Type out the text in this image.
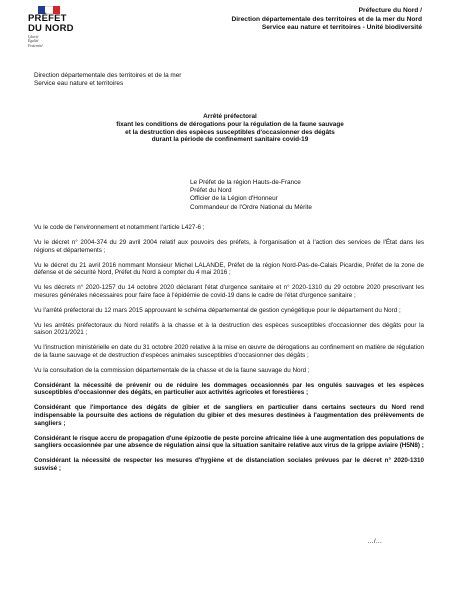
PRÉFET
DU NORD
Liberté
Égalité
Fraternité
Préfecture du Nord /
Direction départementale des territoires et de la mer du Nord
Service eau nature et territoires - Unité biodiversité
Direction départementale des territoires et de la mer
Service eau nature et territoires
Arrêté préfectoral
fixant les conditions de dérogations pour la régulation de la faune sauvage
et la destruction des espèces susceptibles d'occasionner des dégâts
durant la période de confinement sanitaire covid-19
Le Préfet de la région Hauts-de-France
Préfet du Nord
Officier de la Légion d'Honneur
Commandeur de l'Ordre National du Mérite

Vu le code de l'environnement et notamment l'article L427-6 ;

Vu le décret n° 2004-374 du 29 avril 2004 relatif aux pouvoirs des préfets, à l'organisation et à l'action des services de l'État dans les régions et départements ;

Vu le décret du 21 avril 2016 nommant Monsieur Michel LALANDE, Préfet de la région Nord-Pas-de-Calais Picardie, Préfet de la zone de défense et de sécurité Nord, Préfet du Nord à compter du 4 mai 2016 ;

Vu les décrets n° 2020-1257 du 14 octobre 2020 déclarant l'état d'urgence sanitaire et n° 2020-1310 du 29 octobre 2020 prescrivant les mesures générales nécessaires pour faire face à l'épidémie de covid-19 dans le cadre de l'état d'urgence sanitaire ;

Vu l'arrêté préfectoral du 12 mars 2015 approuvant le schéma départemental de gestion cynégétique pour le département du Nord ;

Vu les arrêtés préfectoraux du Nord relatifs à la chasse et à la destruction des espèces susceptibles d'occasionner des dégâts pour la saison 2021/2021 ;

Vu l'instruction ministérielle en date du 31 octobre 2020 relative à la mise en œuvre de dérogations au confinement en matière de régulation de la faune sauvage et de destruction d'espèces animales susceptibles d'occasionner des dégâts ;

Vu la consultation de la commission départementale de la chasse et de la faune sauvage du Nord ;

Considérant la nécessité de prévenir ou de réduire les dommages occasionnés par les ongulés sauvages et les espèces susceptibles d'occasionner des dégâts, en particulier aux activités agricoles et forestières ;

Considérant que l'importance des dégâts de gibier et de sangliers en particulier dans certains secteurs du Nord rend indispensable la poursuite des actions de régulation du gibier et des mesures destinées à l'augmentation des prélèvements de sangliers ;

Considérant le risque accru de propagation d'une épizootie de peste porcine africaine liée à une augmentation des populations de sangliers occasionnée par une absence de régulation ainsi que la situation sanitaire relative aux virus de la grippe aviaire (H5N8) ;

Considérant la nécessité de respecter les mesures d'hygiène et de distanciation sociales prévues par le décret n° 2020-1310 susvisé ;

…/…
